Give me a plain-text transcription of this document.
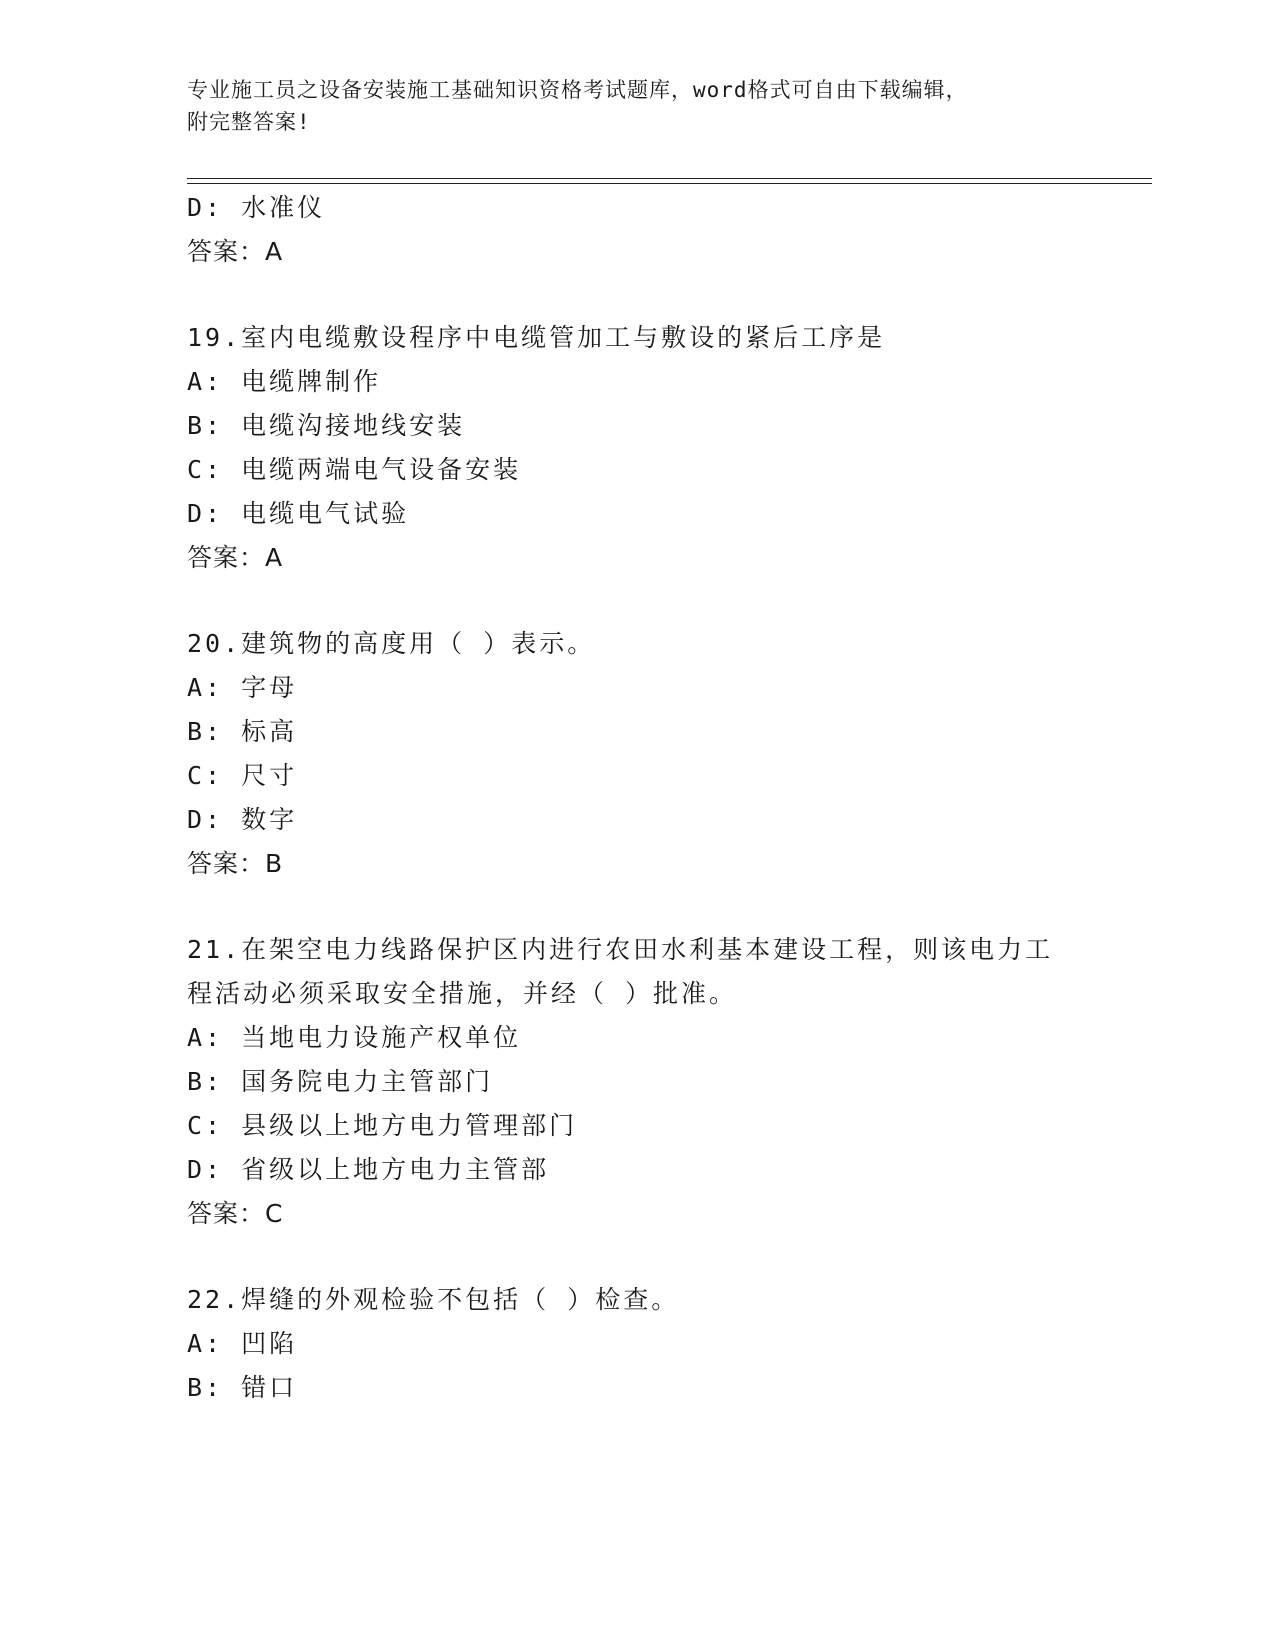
专业施工员之设备安装施工基础知识资格考试题库，word格式可自由下载编辑，
附完整答案!
D: 水准仪
答案：A
19.室内电缆敷设程序中电缆管加工与敷设的紧后工序是
A: 电缆牌制作
B: 电缆沟接地线安装
C: 电缆两端电气设备安装
D: 电缆电气试验
答案：A
20.建筑物的高度用（ ）表示。
A: 字母
B: 标高
C: 尺寸
D: 数字
答案：B
21.在架空电力线路保护区内进行农田水利基本建设工程，则该电力工
程活动必须采取安全措施，并经（ ）批准。
A: 当地电力设施产权单位
B: 国务院电力主管部门
C: 县级以上地方电力管理部门
D: 省级以上地方电力主管部
答案：C
22.焊缝的外观检验不包括（ ）检查。
A: 凹陷
B: 错口
